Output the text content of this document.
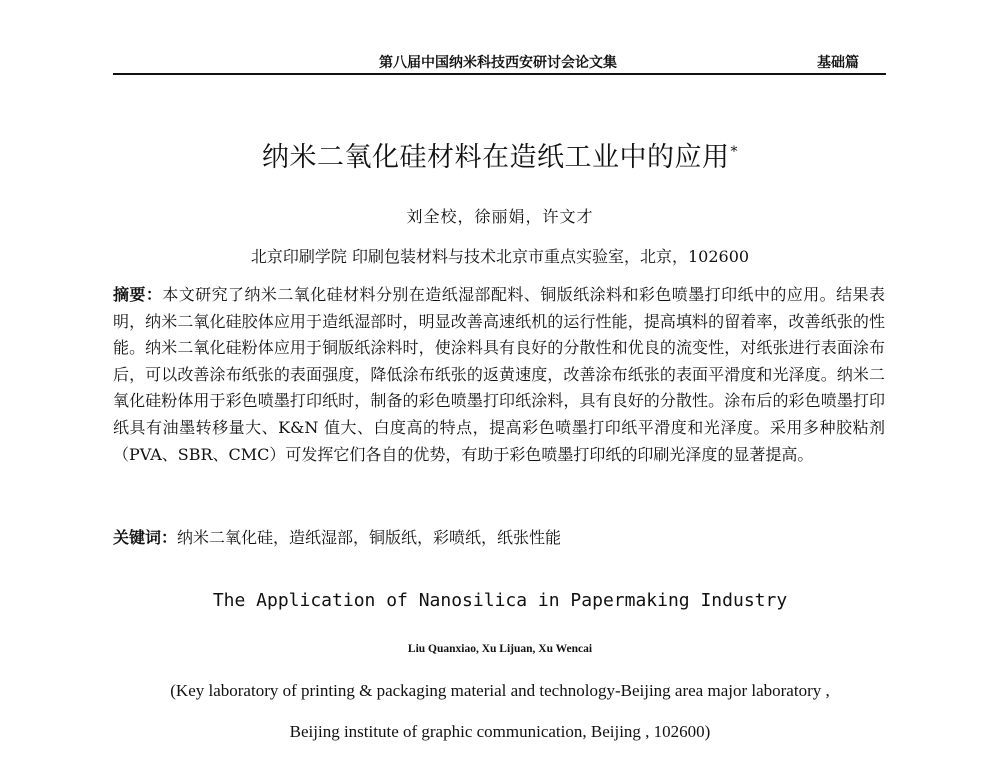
第八届中国纳米科技西安研讨会论文集	基础篇
纳米二氧化硅材料在造纸工业中的应用*
刘全校，徐丽娟，许文才
北京印刷学院 印刷包装材料与技术北京市重点实验室，北京，102600
摘要：本文研究了纳米二氧化硅材料分别在造纸湿部配料、铜版纸涂料和彩色喷墨打印纸中的应用。结果表明，纳米二氧化硅胶体应用于造纸湿部时，明显改善高速纸机的运行性能，提高填料的留着率，改善纸张的性能。纳米二氧化硅粉体应用于铜版纸涂料时，使涂料具有良好的分散性和优良的流变性，对纸张进行表面涂布后，可以改善涂布纸张的表面强度，降低涂布纸张的返黄速度，改善涂布纸张的表面平滑度和光泽度。纳米二氧化硅粉体用于彩色喷墨打印纸时，制备的彩色喷墨打印纸涂料，具有良好的分散性。涂布后的彩色喷墨打印纸具有油墨转移量大、K&N 值大、白度高的特点，提高彩色喷墨打印纸平滑度和光泽度。采用多种胶粘剂（PVA、SBR、CMC）可发挥它们各自的优势，有助于彩色喷墨打印纸的印刷光泽度的显著提高。
关键词：纳米二氧化硅，造纸湿部，铜版纸，彩喷纸，纸张性能
The Application of Nanosilica in Papermaking Industry
Liu Quanxiao, Xu Lijuan, Xu Wencai
(Key laboratory of printing & packaging material and technology-Beijing area major laboratory ,
Beijing institute of graphic communication, Beijing , 102600)
